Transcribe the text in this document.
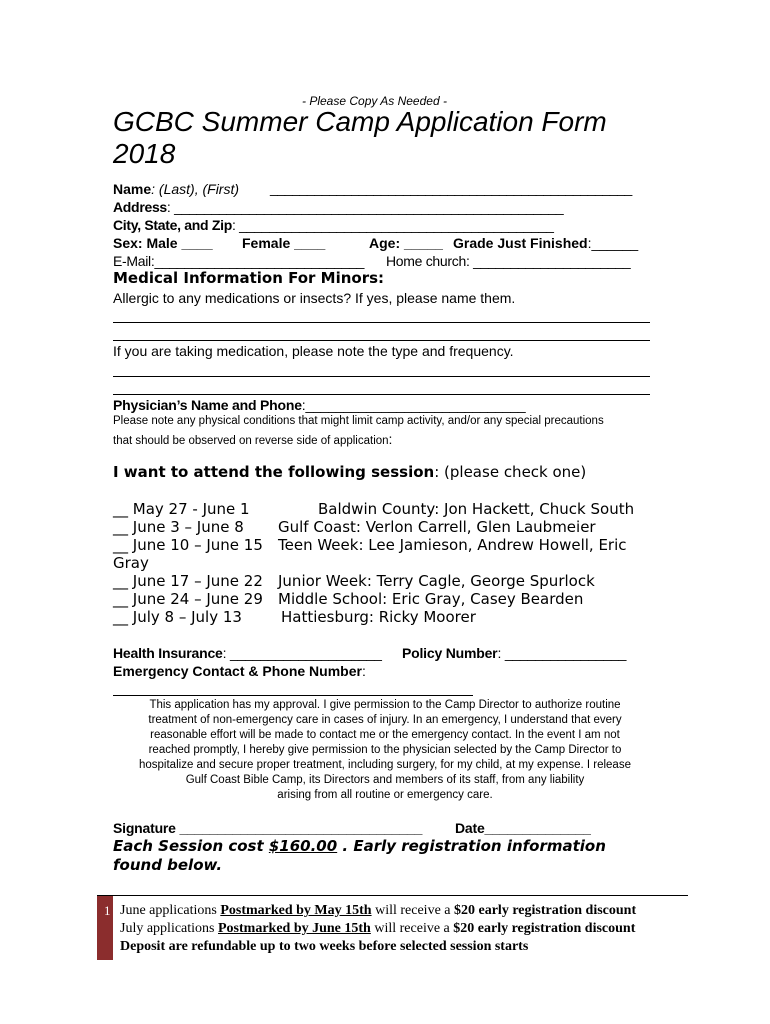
- Please Copy As Needed -
GCBC Summer Camp Application Form
2018
Name: (Last), (First) _________________________________________________
Address: ____________________________________________________
City, State, and Zip: __________________________________________
Sex: Male ____ Female ____	Age: _____ Grade Just Finished:______
E-Mail:____________________________ Home church: _____________________
Medical Information For Minors:
Allergic to any medications or insects? If yes, please name them.
If you are taking medication, please note the type and frequency.
Physician’s Name and Phone:_____________________________
Please note any physical conditions that might limit camp activity, and/or any special precautions
that should be observed on reverse side of application:
I want to attend the following session: (please check one)
__ May 27 - June 1	Baldwin County: Jon Hackett, Chuck South
__ June 3 – June 8 Gulf Coast: Verlon Carrell, Glen Laubmeier
__ June 10 – June 15 Teen Week: Lee Jamieson, Andrew Howell, Eric
Gray
__ June 17 – June 22 Junior Week: Terry Cagle, George Spurlock
__ June 24 – June 29 Middle School: Eric Gray, Casey Bearden
__ July 8 – July 13	Hattiesburg: Ricky Moorer
Health Insurance: ____________________ Policy Number: ________________
Emergency Contact & Phone Number:
This application has my approval. I give permission to the Camp Director to authorize routine
treatment of non-emergency care in cases of injury. In an emergency, I understand that every
reasonable effort will be made to contact me or the emergency contact. In the event I am not
reached promptly, I hereby give permission to the physician selected by the Camp Director to
hospitalize and secure proper treatment, including surgery, for my child, at my expense. I release
Gulf Coast Bible Camp, its Directors and members of its staff, from any liability
arising from all routine or emergency care.
Signature ________________________________ Date______________
Each Session cost $160.00 . Early registration information
found below.
1 June applications Postmarked by May 15th will receive a $20 early registration discount
July applications Postmarked by June 15th will receive a $20 early registration discount
Deposit are refundable up to two weeks before selected session starts
